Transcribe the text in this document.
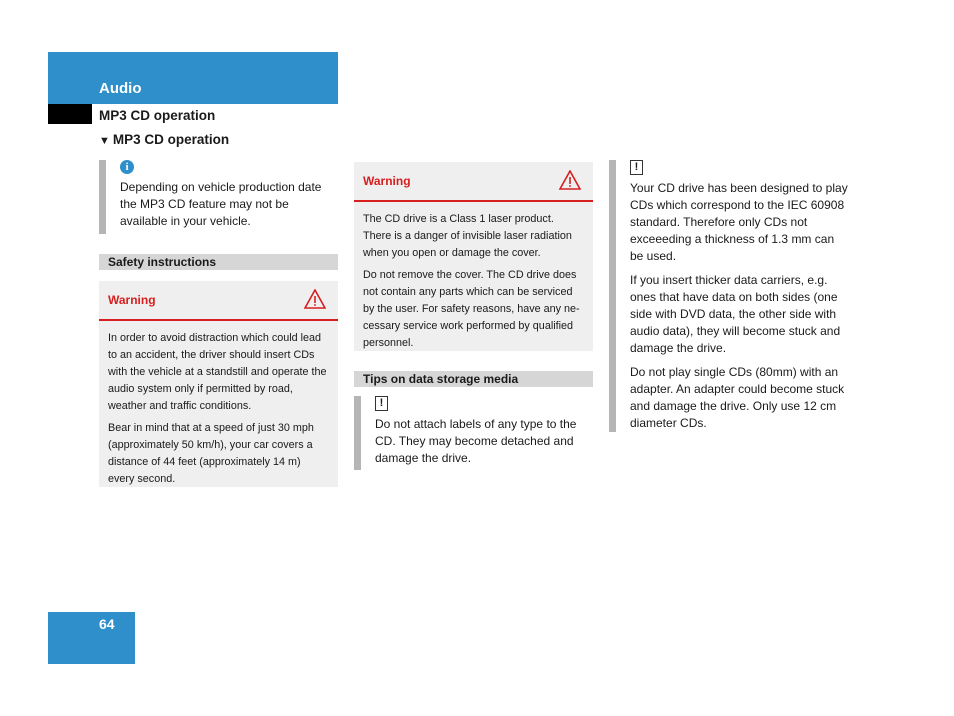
Audio
MP3 CD operation
▼ MP3 CD operation
i

Depending on vehicle production date the MP3 CD feature may not be available in your vehicle.

Safety instructions
Warning

In order to avoid distraction which could lead to an accident, the driver should insert CDs with the vehicle at a standstill and operate the audio system only if permitted by road, weather and traffic conditions.

Bear in mind that at a speed of just 30 mph (approximately 50 km/h), your car covers a distance of 44 feet (approximately 14 m) every second.

Warning

The CD drive is a Class 1 laser product. There is a danger of invisible laser radiation when you open or damage the cover.

Do not remove the cover. The CD drive does not contain any parts which can be serviced by the user. For safety reasons, have any ne-cessary service work performed by qualified personnel.

Tips on data storage media
!

Do not attach labels of any type to the CD. They may become detached and damage the drive.

!

Your CD drive has been designed to play CDs which correspond to the IEC 60908 standard. Therefore only CDs not exceeeding a thickness of 1.3 mm can be used.

If you insert thicker data carriers, e.g. ones that have data on both sides (one side with DVD data, the other side with audio data), they will become stuck and damage the drive.

Do not play single CDs (80mm) with an adapter. An adapter could become stuck and damage the drive. Only use 12 cm diameter CDs.

64
